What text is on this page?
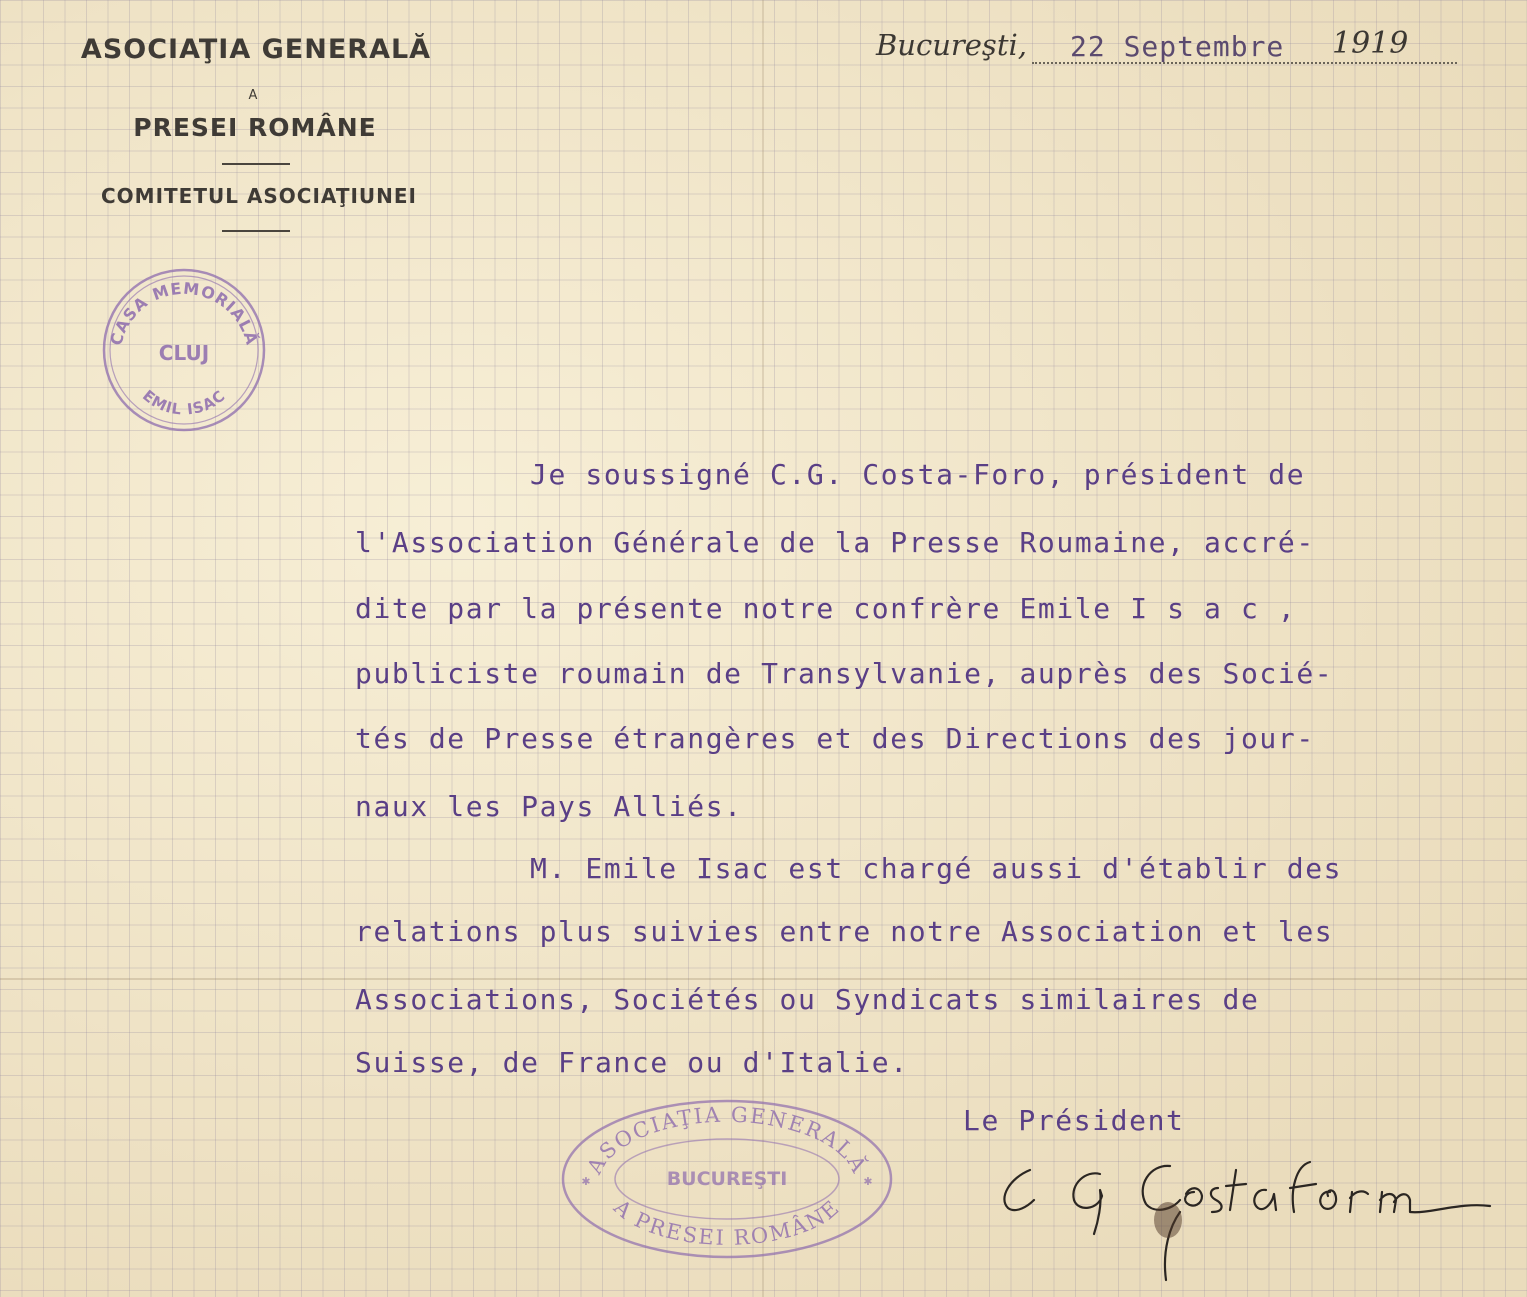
ASOCIAŢIA GENERALĂ
A
PRESEI ROMÂNE
COMITETUL ASOCIAŢIUNEI
Bucureşti, 22 Septembre 1919
CASA MEMORIALĂ
EMIL ISAC
CLUJ
Je soussigné C.G. Costa-Foro, président de
l'Association Générale de la Presse Roumaine, accré-
dite par la présente notre confrère Emile I s a c ,
publiciste roumain de Transylvanie, auprès des Socié-
tés de Presse étrangères et des Directions des jour-
naux les Pays Alliés.
M. Emile Isac est chargé aussi d'établir des
relations plus suivies entre notre Association et les
Associations, Sociétés ou Syndicats similaires de
Suisse, de France ou d'Italie.
ASOCIAŢIA GENERALĂ
A PRESEI ROMÂNE
BUCUREŞTI
✱	✱
Le Président
